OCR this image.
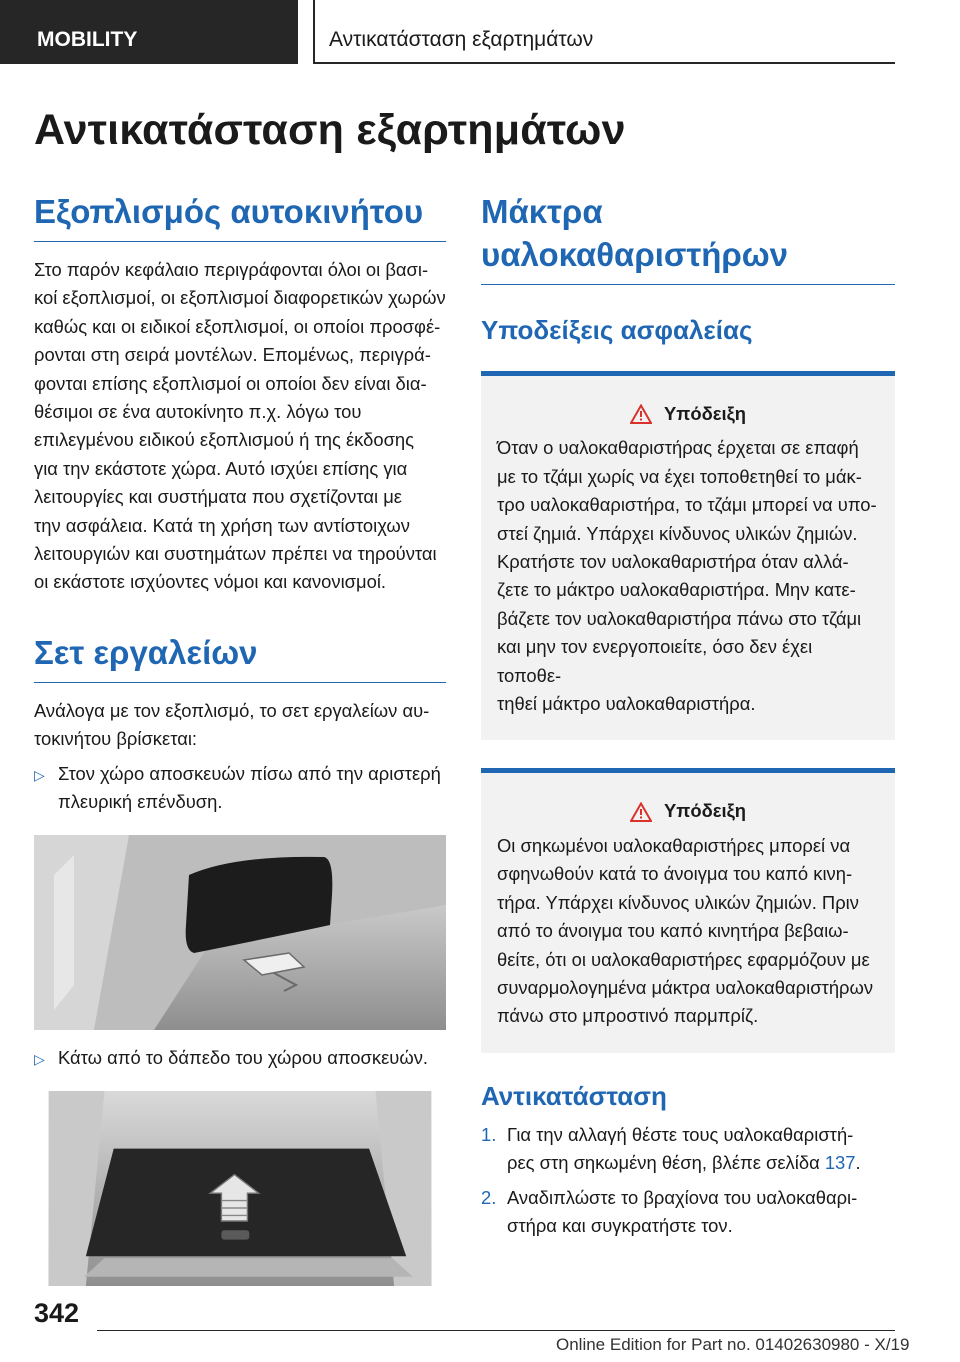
MOBILITY	Αντικατάσταση εξαρτημάτων
Αντικατάσταση εξαρτημάτων
Εξοπλισμός αυτοκινήτου
Στο παρόν κεφάλαιο περιγράφονται όλοι οι βασι‐
κοί εξοπλισμοί, οι εξοπλισμοί διαφορετικών χωρών
καθώς και οι ειδικοί εξοπλισμοί, οι οποίοι προσφέ‐
ρονται στη σειρά μοντέλων. Επομένως, περιγρά‐
φονται επίσης εξοπλισμοί οι οποίοι δεν είναι δια‐
θέσιμοι σε ένα αυτοκίνητο π.χ. λόγω του
επιλεγμένου ειδικού εξοπλισμού ή της έκδοσης
για την εκάστοτε χώρα. Αυτό ισχύει επίσης για
λειτουργίες και συστήματα που σχετίζονται με
την ασφάλεια. Κατά τη χρήση των αντίστοιχων
λειτουργιών και συστημάτων πρέπει να τηρούνται
οι εκάστοτε ισχύοντες νόμοι και κανονισμοί.
Σετ εργαλείων
Ανάλογα με τον εξοπλισμό, το σετ εργαλείων αυ‐
τοκινήτου βρίσκεται:
▷ Στον χώρο αποσκευών πίσω από την αριστερή
πλευρική επένδυση.
▷ Κάτω από το δάπεδο του χώρου αποσκευών.
Μάκτρα
υαλοκαθαριστήρων
Υποδείξεις ασφαλείας
Υπόδειξη
Όταν ο υαλοκαθαριστήρας έρχεται σε επαφή
με το τζάμι χωρίς να έχει τοποθετηθεί το μάκ‐
τρο υαλοκαθαριστήρα, το τζάμι μπορεί να υπο‐
στεί ζημιά. Υπάρχει κίνδυνος υλικών ζημιών.
Κρατήστε τον υαλοκαθαριστήρα όταν αλλά‐
ζετε το μάκτρο υαλοκαθαριστήρα. Μην κατε‐
βάζετε τον υαλοκαθαριστήρα πάνω στο τζάμι
και μην τον ενεργοποιείτε, όσο δεν έχει τοποθε‐
τηθεί μάκτρο υαλοκαθαριστήρα.
Υπόδειξη
Οι σηκωμένοι υαλοκαθαριστήρες μπορεί να
σφηνωθούν κατά το άνοιγμα του καπό κινη‐
τήρα. Υπάρχει κίνδυνος υλικών ζημιών. Πριν
από το άνοιγμα του καπό κινητήρα βεβαιω‐
θείτε, ότι οι υαλοκαθαριστήρες εφαρμόζουν με
συναρμολογημένα μάκτρα υαλοκαθαριστήρων
πάνω στο μπροστινό παρμπρίζ.
Αντικατάσταση
1. Για την αλλαγή θέστε τους υαλοκαθαριστή‐
ρες στη σηκωμένη θέση, βλέπε σελίδα 137.
2. Αναδιπλώστε το βραχίονα του υαλοκαθαρι‐
στήρα και συγκρατήστε τον.
342
Online Edition for Part no. 01402630980 - X/19
